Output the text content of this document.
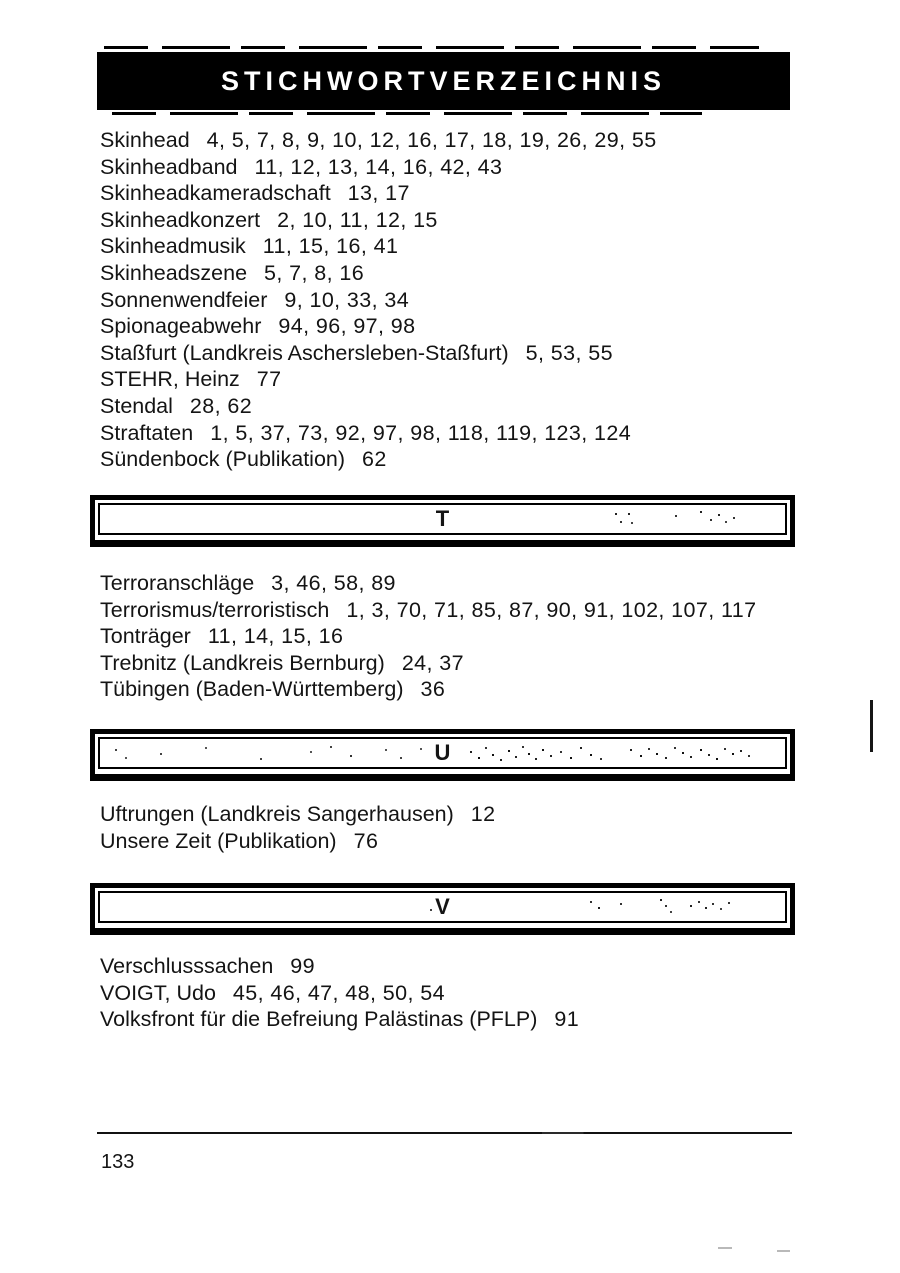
STICHWORTVERZEICHNIS
Skinhead 4, 5, 7, 8, 9, 10, 12, 16, 17, 18, 19, 26, 29, 55
Skinheadband 11, 12, 13, 14, 16, 42, 43
Skinheadkameradschaft 13, 17
Skinheadkonzert 2, 10, 11, 12, 15
Skinheadmusik 11, 15, 16, 41
Skinheadszene 5, 7, 8, 16
Sonnenwendfeier 9, 10, 33, 34
Spionageabwehr 94, 96, 97, 98
Staßfurt (Landkreis Aschersleben-Staßfurt) 5, 53, 55
STEHR, Heinz 77
Stendal 28, 62
Straftaten 1, 5, 37, 73, 92, 97, 98, 118, 119, 123, 124
Sündenbock (Publikation) 62
T
Terroranschläge 3, 46, 58, 89
Terrorismus/terroristisch 1, 3, 70, 71, 85, 87, 90, 91, 102, 107, 117
Tonträger 11, 14, 15, 16
Trebnitz (Landkreis Bernburg) 24, 37
Tübingen (Baden-Württemberg) 36
U
Uftrungen (Landkreis Sangerhausen) 12
Unsere Zeit (Publikation) 76
V
Verschlusssachen 99
VOIGT, Udo 45, 46, 47, 48, 50, 54
Volksfront für die Befreiung Palästinas (PFLP) 91
133
